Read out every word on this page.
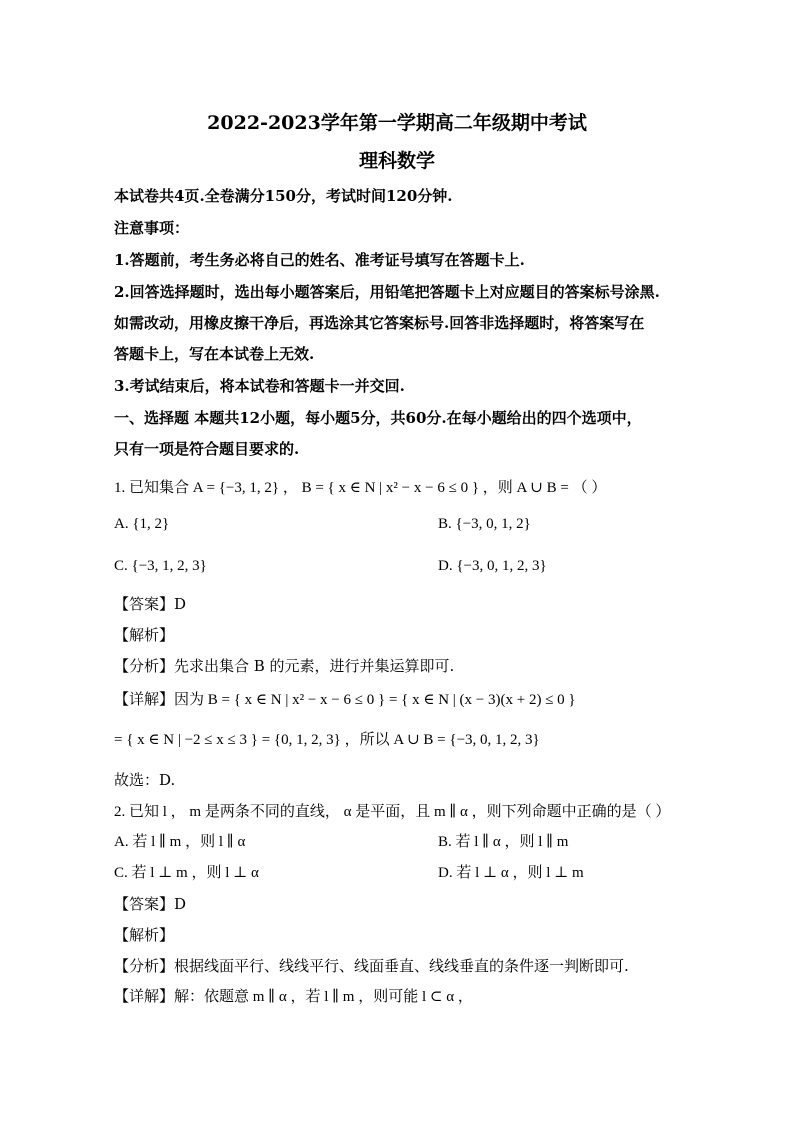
2022-2023学年第一学期高二年级期中考试
理科数学
本试卷共4页.全卷满分150分，考试时间120分钟.
注意事项：
1.答题前，考生务必将自己的姓名、准考证号填写在答题卡上.
2.回答选择题时，选出每小题答案后，用铅笔把答题卡上对应题目的答案标号涂黑.
如需改动，用橡皮擦干净后，再选涂其它答案标号.回答非选择题时，将答案写在
答题卡上，写在本试卷上无效.
3.考试结束后，将本试卷和答题卡一并交回.
一、选择题 本题共12小题，每小题5分，共60分.在每小题给出的四个选项中，
只有一项是符合题目要求的.
1. 已知集合 A = {−3, 1, 2} ， B = { x ∈ N | x² − x − 6 ≤ 0 } ，则 A ∪ B = （ ）
A. {1, 2}	B. {−3, 0, 1, 2}
C. {−3, 1, 2, 3}	D. {−3, 0, 1, 2, 3}
【答案】D
【解析】
【分析】先求出集合 B 的元素，进行并集运算即可.
【详解】因为 B = { x ∈ N | x² − x − 6 ≤ 0 } = { x ∈ N | (x − 3)(x + 2) ≤ 0 }
= { x ∈ N | −2 ≤ x ≤ 3 } = {0, 1, 2, 3} ，所以 A ∪ B = {−3, 0, 1, 2, 3}
故选：D.
2. 已知 l ， m 是两条不同的直线， α 是平面，且 m ∥ α ，则下列命题中正确的是（ ）
A. 若 l ∥ m ，则 l ∥ α	B. 若 l ∥ α ，则 l ∥ m
C. 若 l ⊥ m ，则 l ⊥ α	D. 若 l ⊥ α ，则 l ⊥ m
【答案】D
【解析】
【分析】根据线面平行、线线平行、线面垂直、线线垂直的条件逐一判断即可.
【详解】解：依题意 m ∥ α ，若 l ∥ m ，则可能 l ⊂ α ，
